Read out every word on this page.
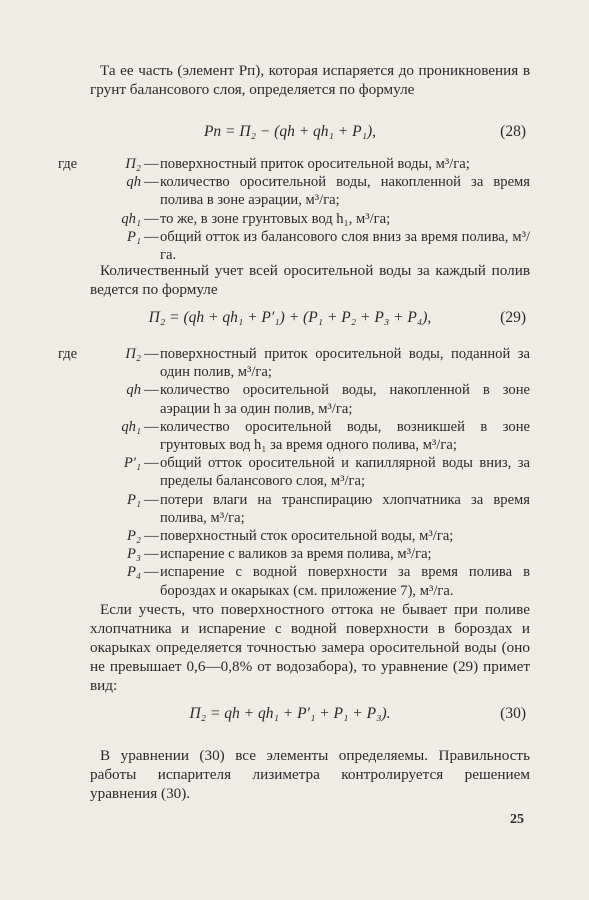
Та ее часть (элемент Pп), которая испаряется до проникновения в грунт балансового слоя, определяется по формуле
Pп = П₂ − (qh + qh₁ + P₁),	(28)
где	П₂ — поверхностный приток оросительной воды, м³/га;
qh — количество оросительной воды, накопленной за время полива в зоне аэрации, м³/га;
qh₁ — то же, в зоне грунтовых вод h₁, м³/га;
P₁ — общий отток из балансового слоя вниз за время полива, м³/га.
Количественный учет всей оросительной воды за каждый полив ведется по формуле
П₂ = (qh + qh₁ + P′₁) + (P₁ + P₂ + P₃ + P₄),	(29)
где	П₂ — поверхностный приток оросительной воды, поданной за один полив, м³/га;
qh — количество оросительной воды, накопленной в зоне аэрации h за один полив, м³/га;
qh₁ — количество оросительной воды, возникшей в зоне грунтовых вод h₁ за время одного полива, м³/га;
P′₁ — общий отток оросительной и капиллярной воды вниз, за пределы балансового слоя, м³/га;
P₁ — потери влаги на транспирацию хлопчатника за время полива, м³/га;
P₂ — поверхностный сток оросительной воды, м³/га;
P₃ — испарение с валиков за время полива, м³/га;
P₄ — испарение с водной поверхности за время полива в бороздах и окарыках (см. приложение 7), м³/га.
Если учесть, что поверхностного оттока не бывает при поливе хлопчатника и испарение с водной поверхности в бороздах и окарыках определяется точностью замера оросительной воды (оно не превышает 0,6—0,8% от водозабора), то уравнение (29) примет вид:
П₂ = qh + qh₁ + P′₁ + P₁ + P₃).	(30)
В уравнении (30) все элементы определяемы. Правильность работы испарителя лизиметра контролируется решением уравнения (30).
25
